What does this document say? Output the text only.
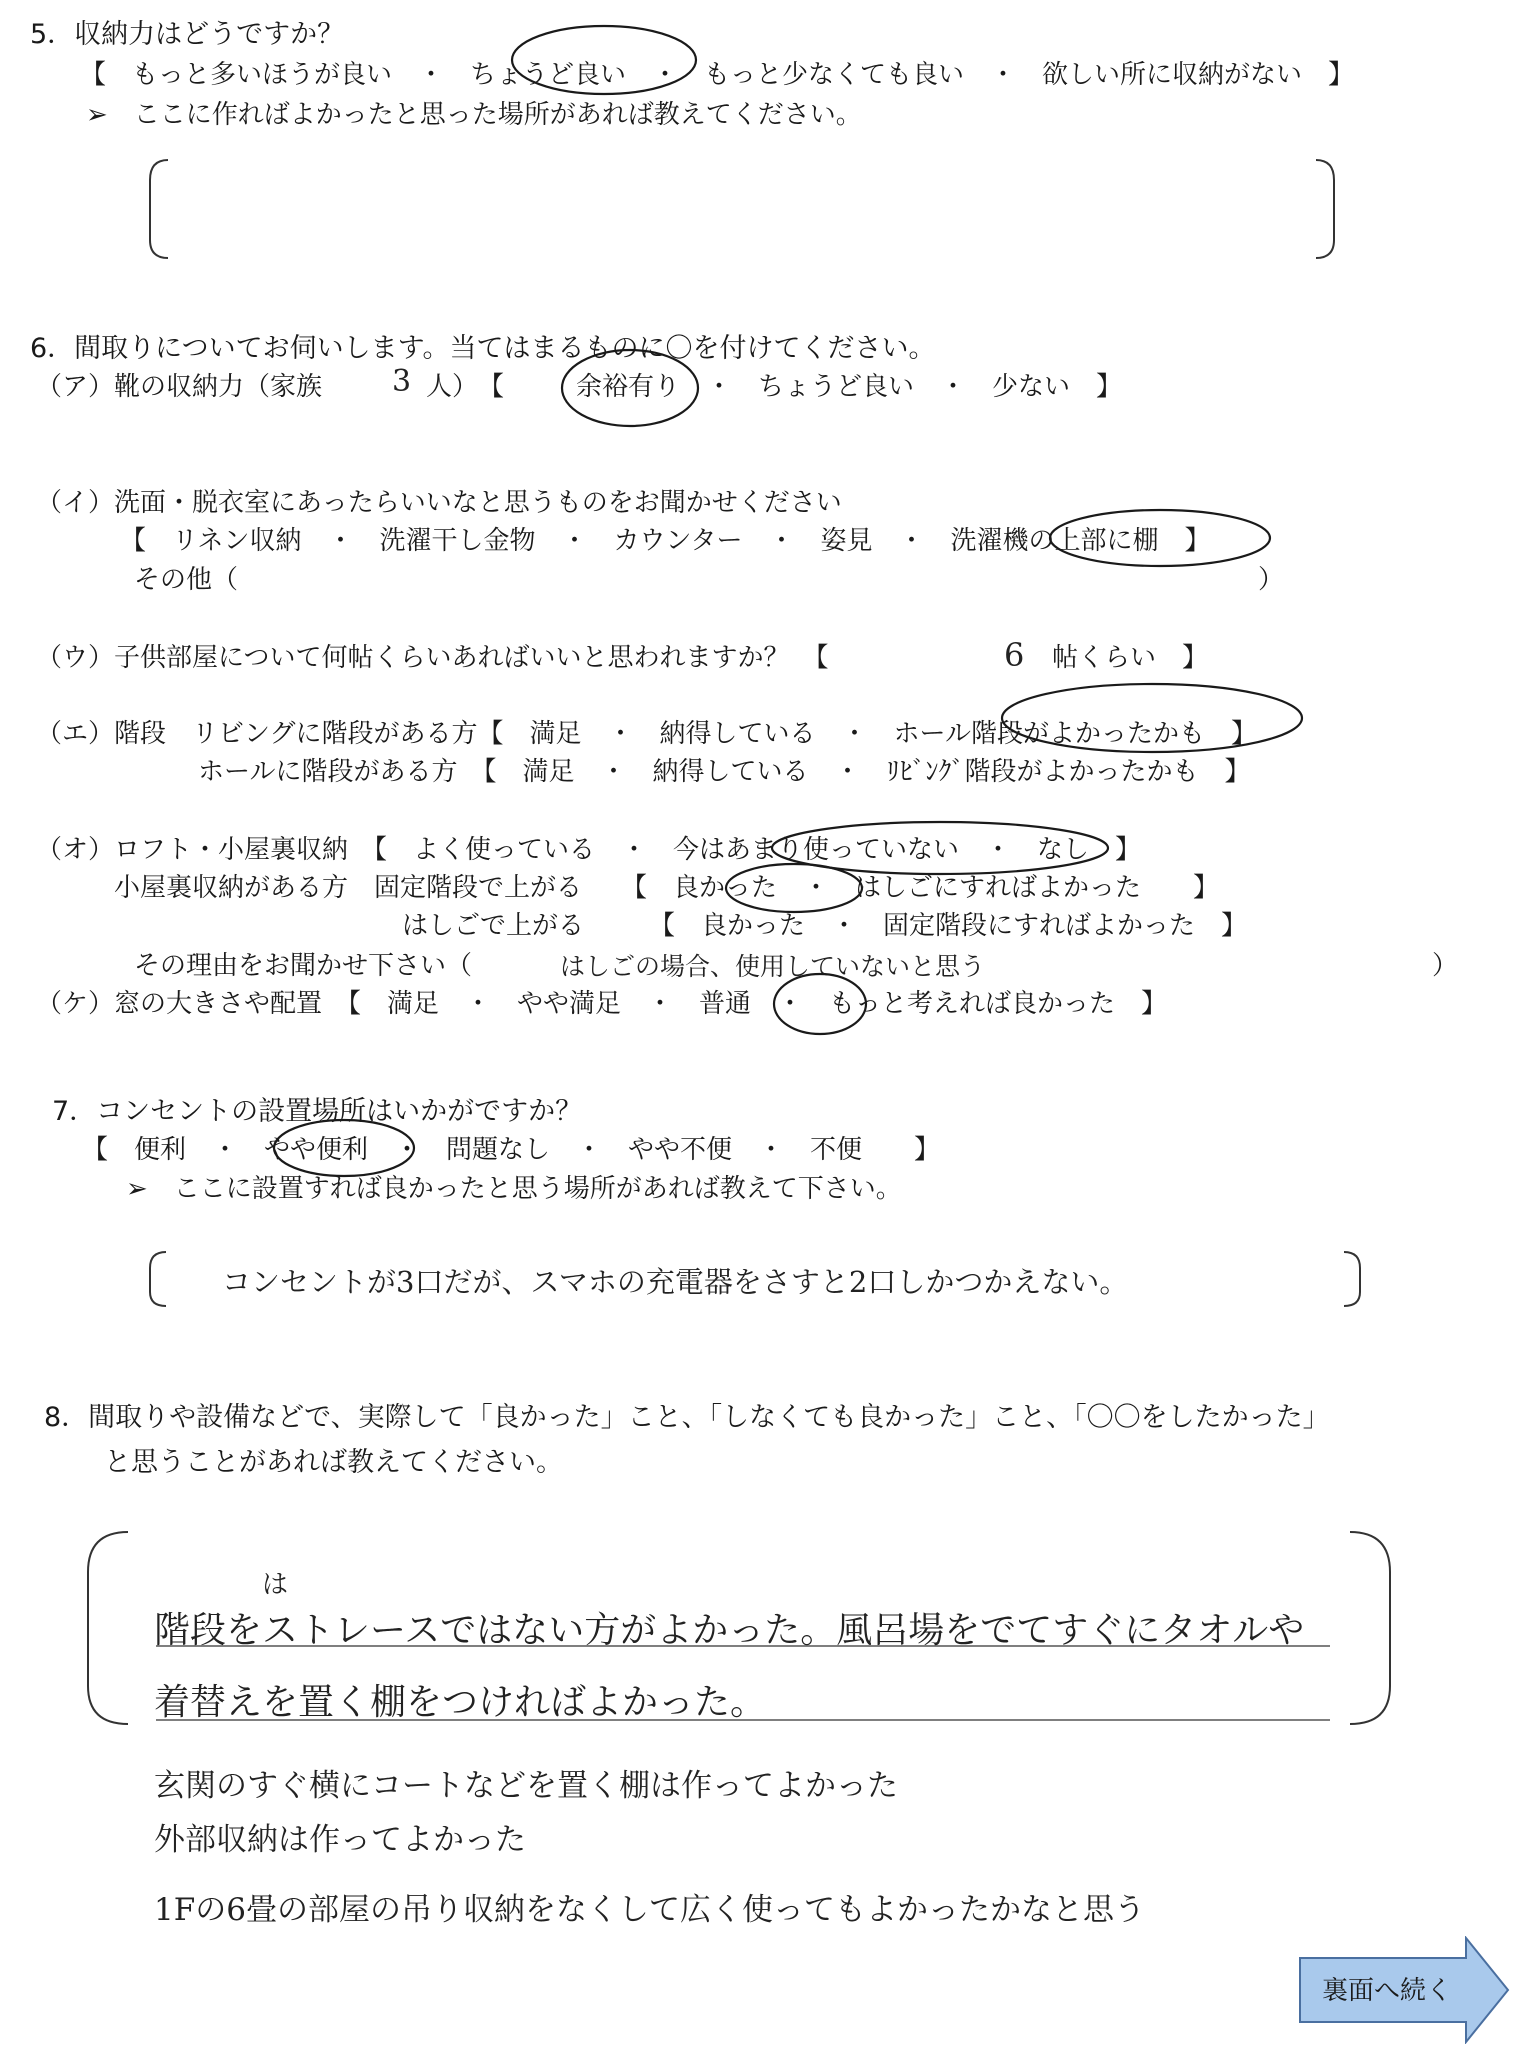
5．収納力はどうですか？
【　もっと多いほうが良い　・　ちょうど良い　・　もっと少なくても良い　・　欲しい所に収納がない　】
➢　ここに作ればよかったと思った場所があれば教えてください。
6．間取りについてお伺いします。当てはまるものに〇を付けてください。
（ア）靴の収納力（家族 3 人）　【	余裕有り　・　ちょうど良い　・　少ない　】
（イ）洗面・脱衣室にあったらいいなと思うものをお聞かせください
【　リネン収納　・　洗濯干し金物　・　カウンター　・　姿見　・　洗濯機の上部に棚　】
その他（	）
（ウ）子供部屋について何帖くらいあればいいと思われますか？　【	6 帖くらい　】
（エ）階段　リビングに階段がある方【　満足　・　納得している　・　ホール階段がよかったかも　】
ホールに階段がある方　【　満足　・　納得している　・　ﾘﾋﾞﾝｸﾞ階段がよかったかも　】
（オ）ロフト・小屋裏収納　【　よく使っている　・　今はあまり使っていない　・　なし　】
小屋裏収納がある方　固定階段で上がる　　【　良かった　・　はしごにすればよかった　　】
はしごで上がる　　　【　良かった　・　固定階段にすればよかった　】
その理由をお聞かせ下さい（	はしごの場合、使用していないと思う	）
（ケ）窓の大きさや配置　【　満足　・　やや満足　・　普通　・　もっと考えれば良かった　】
7．コンセントの設置場所はいかがですか？
【　便利　・　やや便利　・　問題なし　・　やや不便　・　不便　　】
➢　ここに設置すれば良かったと思う場所があれば教えて下さい。
コンセントが3口だが、スマホの充電器をさすと2口しかつかえない。
8．間取りや設備などで、実際して「良かった」こと、「しなくても良かった」こと、「〇〇をしたかった」
と思うことがあれば教えてください。
は
階段をストレースではない方がよかった。風呂場をでてすぐにタオルや
着替えを置く棚をつければよかった。
玄関のすぐ横にコートなどを置く棚は作ってよかった
外部収納は作ってよかった
1Fの6畳の部屋の吊り収納をなくして広く使ってもよかったかなと思う
裏面へ続く
